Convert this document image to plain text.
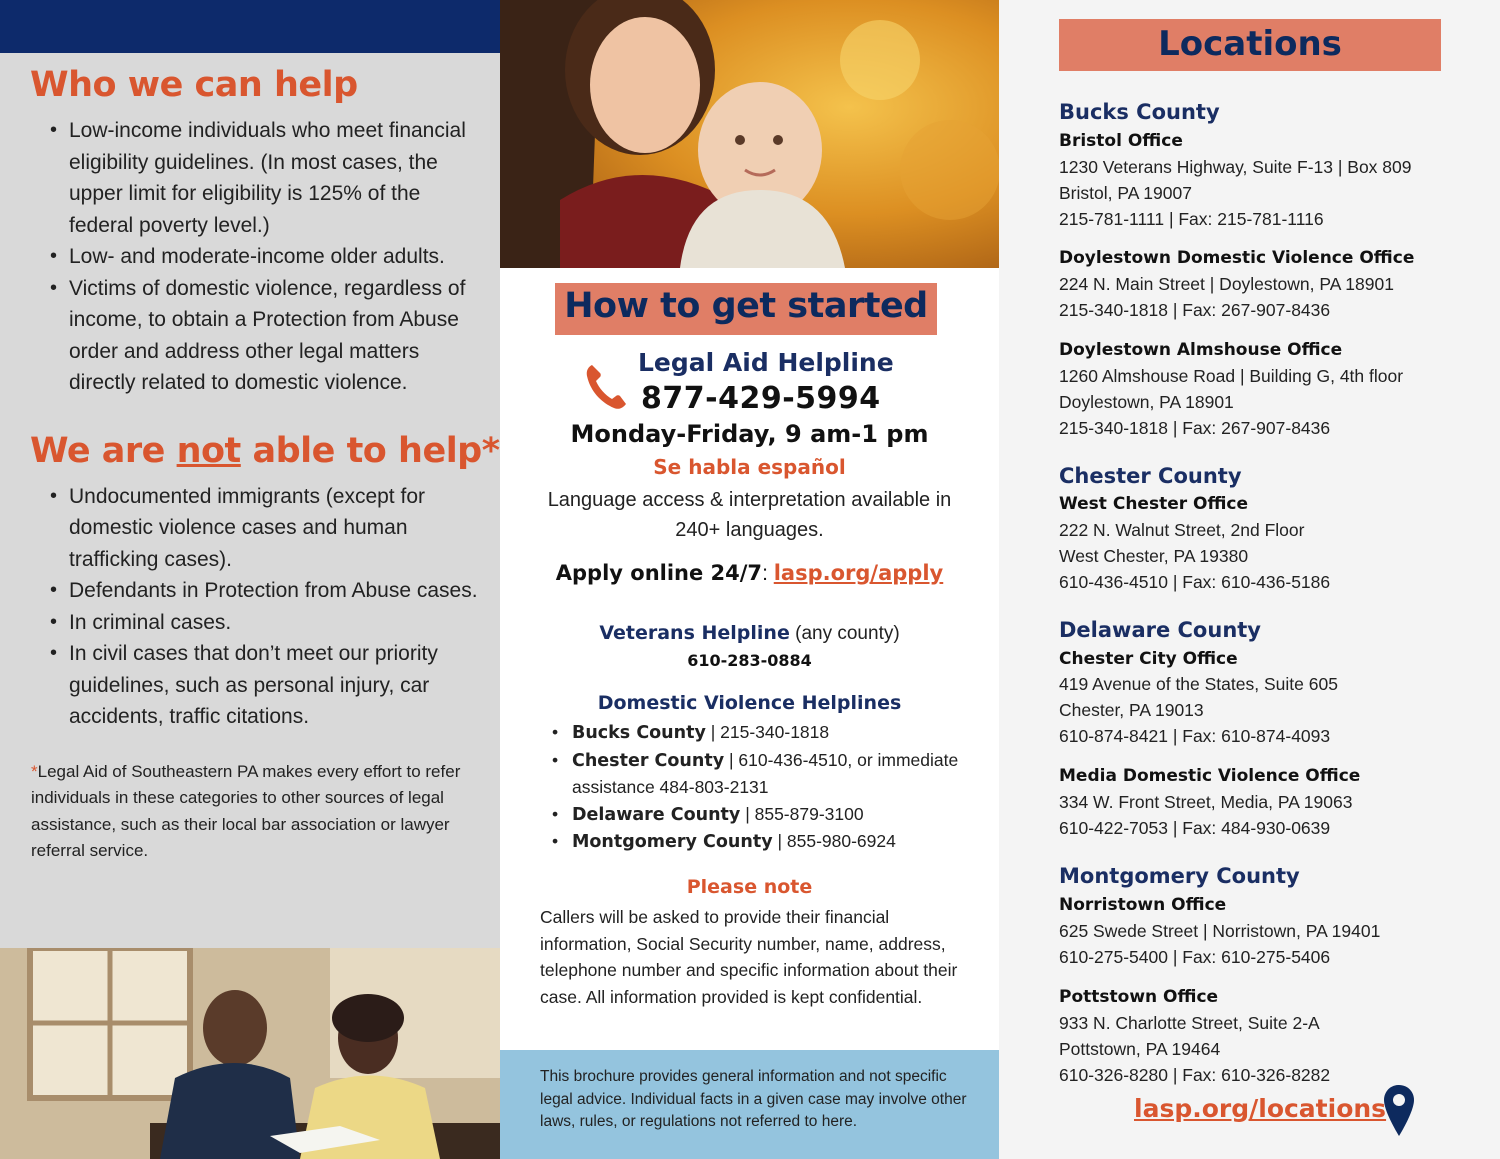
Who we can help
• Low-income individuals who meet financial eligibility guidelines. (In most cases, the upper limit for eligibility is 125% of the federal poverty level.)
• Low- and moderate-income older adults.
• Victims of domestic violence, regardless of income, to obtain a Protection from Abuse order and address other legal matters directly related to domestic violence.
We are not able to help*
• Undocumented immigrants (except for domestic violence cases and human trafficking cases).
• Defendants in Protection from Abuse cases.
• In criminal cases.
• In civil cases that don’t meet our priority guidelines, such as personal injury, car accidents, traffic citations.

*Legal Aid of Southeastern PA makes every effort to refer individuals in these categories to other sources of legal assistance, such as their local bar association or lawyer referral service.

How to get started
Legal Aid Helpline
877-429-5994
Monday-Friday, 9 am-1 pm
Se habla español
Language access & interpretation available in 240+ languages.
Apply online 24/7: lasp.org/apply
Veterans Helpline (any county)
610-283-0884
Domestic Violence Helplines
• Bucks County | 215-340-1818
• Chester County | 610-436-4510, or immediate assistance 484-803-2131
• Delaware County | 855-879-3100
• Montgomery County | 855-980-6924
Please note

Callers will be asked to provide their financial information, Social Security number, name, address, telephone number and specific information about their case. All information provided is kept confidential.

This brochure provides general information and not specific legal advice. Individual facts in a given case may involve other laws, rules, or regulations not referred to here.
Locations
Bucks County
Bristol Office
1230 Veterans Highway, Suite F-13 | Box 809
Bristol, PA 19007
215-781-1111 | Fax: 215-781-1116
Doylestown Domestic Violence Office
224 N. Main Street | Doylestown, PA 18901
215-340-1818 | Fax: 267-907-8436
Doylestown Almshouse Office
1260 Almshouse Road | Building G, 4th floor
Doylestown, PA 18901
215-340-1818 | Fax: 267-907-8436
Chester County
West Chester Office
222 N. Walnut Street, 2nd Floor
West Chester, PA 19380
610-436-4510 | Fax: 610-436-5186
Delaware County
Chester City Office
419 Avenue of the States, Suite 605
Chester, PA 19013
610-874-8421 | Fax: 610-874-4093
Media Domestic Violence Office
334 W. Front Street, Media, PA 19063
610-422-7053 | Fax: 484-930-0639
Montgomery County
Norristown Office
625 Swede Street | Norristown, PA 19401
610-275-5400 | Fax: 610-275-5406
Pottstown Office
933 N. Charlotte Street, Suite 2-A
Pottstown, PA 19464
610-326-8280 | Fax: 610-326-8282
lasp.org/locations
